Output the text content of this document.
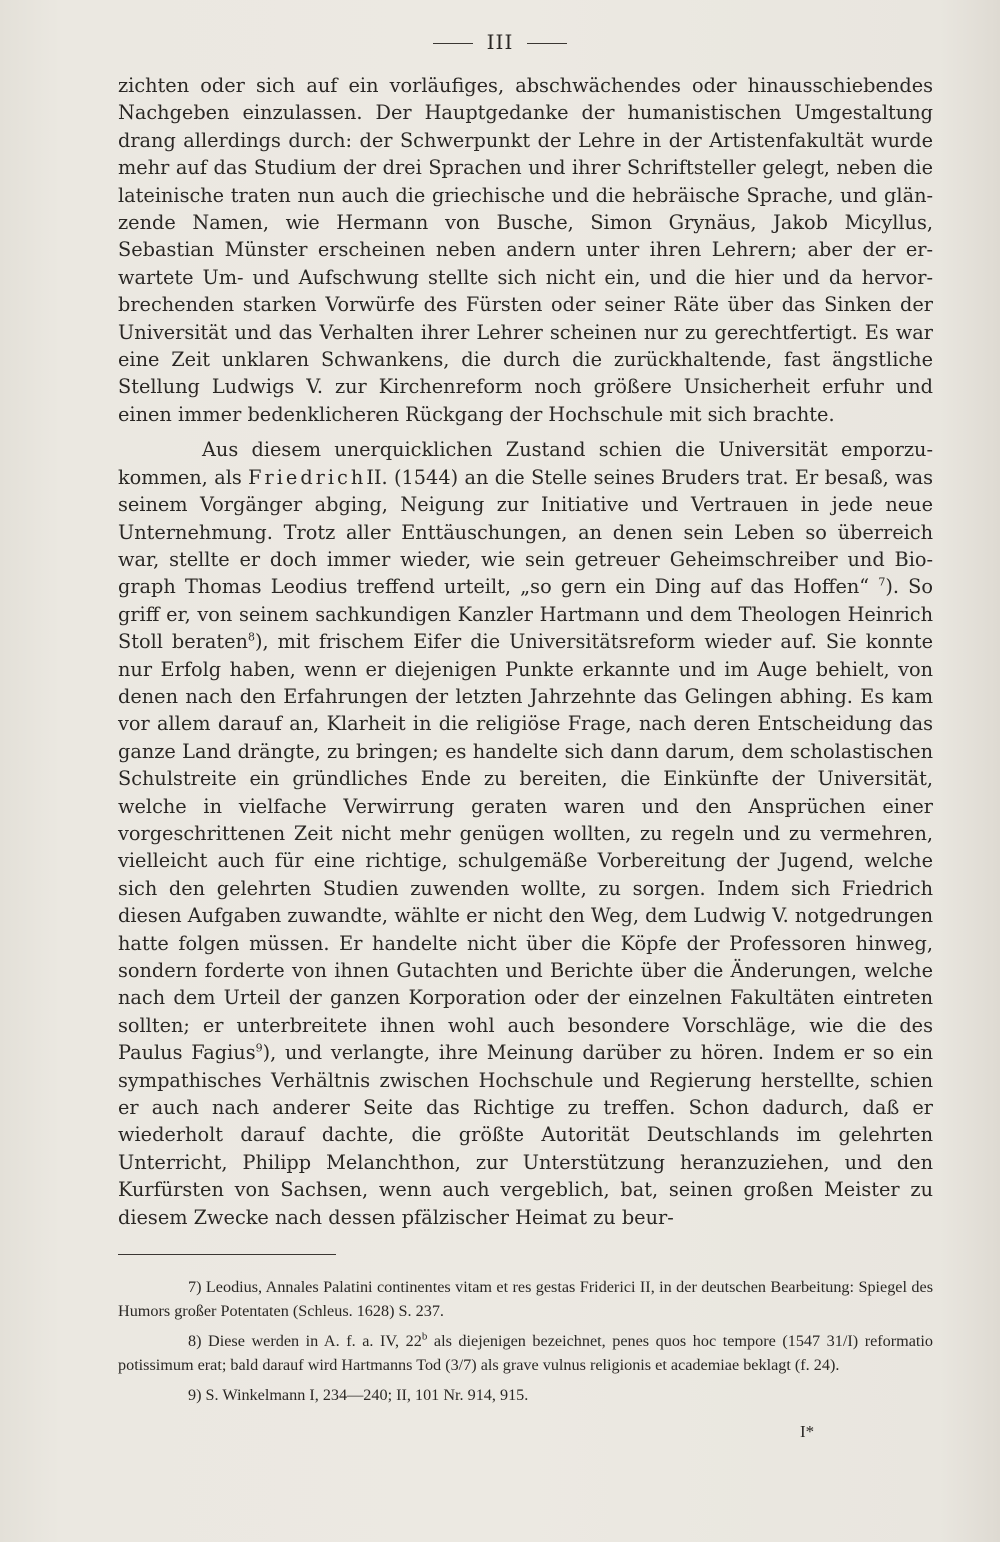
III

zichten oder sich auf ein vorläufiges, abschwächendes oder hinausschiebendes Nachgeben einzulassen. Der Hauptgedanke der humanistischen Umgestaltung drang allerdings durch: der Schwerpunkt der Lehre in der Artistenfakultät wurde mehr auf das Studium der drei Sprachen und ihrer Schriftsteller gelegt, neben die lateinische traten nun auch die griechische und die hebräische Sprache, und glänzende Namen, wie Hermann von Busche, Simon Grynäus, Jakob Micyllus, Sebastian Münster erscheinen neben andern unter ihren Lehrern; aber der erwartete Um- und Aufschwung stellte sich nicht ein, und die hier und da hervorbrechenden starken Vorwürfe des Fürsten oder seiner Räte über das Sinken der Universität und das Verhalten ihrer Lehrer scheinen nur zu gerechtfertigt. Es war eine Zeit unklaren Schwankens, die durch die zurückhaltende, fast ängstliche Stellung Ludwigs V. zur Kirchenreform noch größere Unsicherheit erfuhr und einen immer bedenklicheren Rückgang der Hochschule mit sich brachte.

Aus diesem unerquicklichen Zustand schien die Universität emporzukommen, als FriedrichII. (1544) an die Stelle seines Bruders trat. Er besaß, was seinem Vorgänger abging, Neigung zur Initiative und Vertrauen in jede neue Unternehmung. Trotz aller Enttäuschungen, an denen sein Leben so überreich war, stellte er doch immer wieder, wie sein getreuer Geheimschreiber und Biograph Thomas Leodius treffend urteilt, „so gern ein Ding auf das Hoffen“ $^7$). So griff er, von seinem sachkundigen Kanzler Hartmann und dem Theologen Heinrich Stoll beraten$^8$), mit frischem Eifer die Universitätsreform wieder auf. Sie konnte nur Erfolg haben, wenn er diejenigen Punkte erkannte und im Auge behielt, von denen nach den Erfahrungen der letzten Jahrzehnte das Gelingen abhing. Es kam vor allem darauf an, Klarheit in die religiöse Frage, nach deren Entscheidung das ganze Land drängte, zu bringen; es handelte sich dann darum, dem scholastischen Schulstreite ein gründliches Ende zu bereiten, die Einkünfte der Universität, welche in vielfache Verwirrung geraten waren und den Ansprüchen einer vorgeschrittenen Zeit nicht mehr genügen wollten, zu regeln und zu vermehren, vielleicht auch für eine richtige, schulgemäße Vorbereitung der Jugend, welche sich den gelehrten Studien zuwenden wollte, zu sorgen. Indem sich Friedrich diesen Aufgaben zuwandte, wählte er nicht den Weg, dem Ludwig V. notgedrungen hatte folgen müssen. Er handelte nicht über die Köpfe der Professoren hinweg, sondern forderte von ihnen Gutachten und Berichte über die Änderungen, welche nach dem Urteil der ganzen Korporation oder der einzelnen Fakultäten eintreten sollten; er unterbreitete ihnen wohl auch besondere Vorschläge, wie die des Paulus Fagius$^9$), und verlangte, ihre Meinung darüber zu hören. Indem er so ein sympathisches Verhältnis zwischen Hochschule und Regierung herstellte, schien er auch nach anderer Seite das Richtige zu treffen. Schon dadurch, daß er wiederholt darauf dachte, die größte Autorität Deutschlands im gelehrten Unterricht, Philipp Melanchthon, zur Unterstützung heranzuziehen, und den Kurfürsten von Sachsen, wenn auch vergeblich, bat, seinen großen Meister zu diesem Zwecke nach dessen pfälzischer Heimat zu beur-

7) Leodius, Annales Palatini continentes vitam et res gestas Friderici II, in der deutschen Bearbeitung: Spiegel des Humors großer Potentaten (Schleus. 1628) S. 237.

8) Diese werden in A. f. a. IV, 22$^b$ als diejenigen bezeichnet, penes quos hoc tempore (1547 31/I) reformatio potissimum erat; bald darauf wird Hartmanns Tod (3/7) als grave vulnus religionis et academiae beklagt (f. 24).

9) S. Winkelmann I, 234—240; II, 101 Nr. 914, 915.

I*
